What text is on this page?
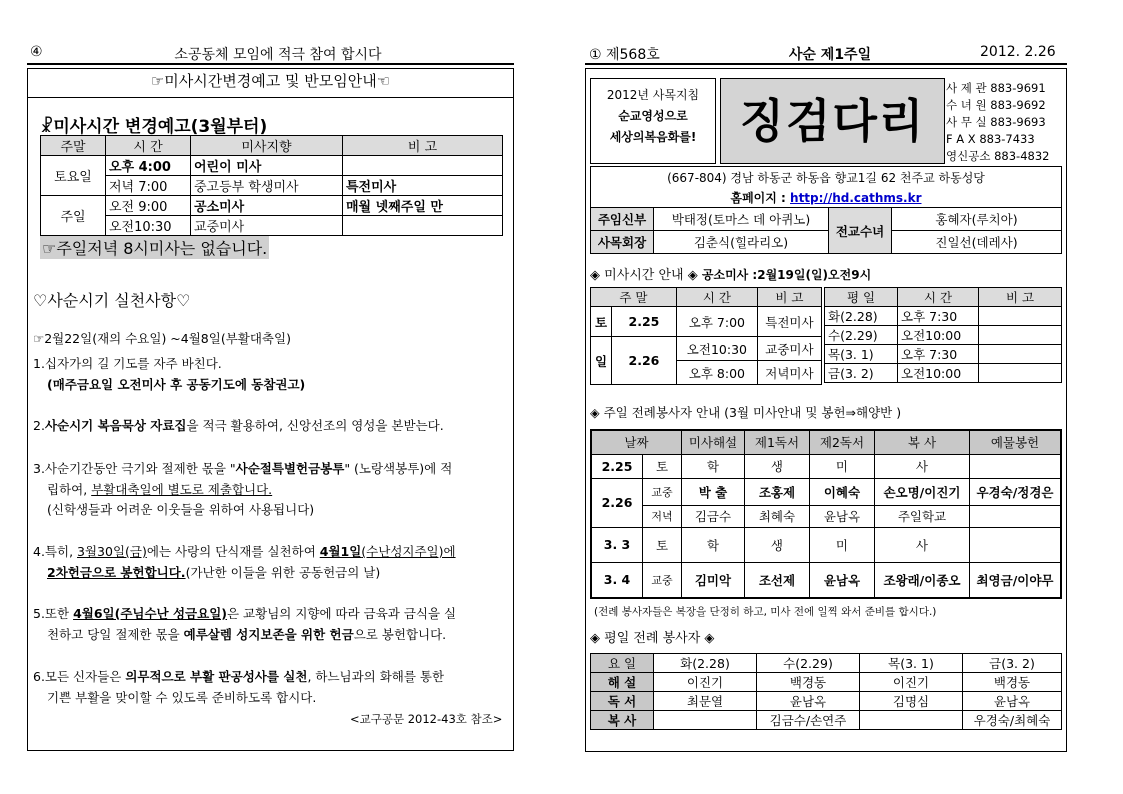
④	소공동체 모임에 적극 참여 합시다
☞미사시간변경예고 및 반모임안내☜
☧미사시간 변경예고(3월부터)
주말	시 간	미사지향	비 고
토요일	오후 4:00	어린이 미사	
	저녁 7:00	중고등부 학생미사	특전미사
주일	오전 9:00	공소미사	매월 넷째주일 만
	오전10:30	교중미사	
☞주일저녁 8시미사는 없습니다.
♡사순시기 실천사항♡
☞2월22일(재의 수요일) ~4월8일(부활대축일)
1.십자가의 길 기도를 자주 바친다.
(매주금요일 오전미사 후 공동기도에 동참권고)
2.사순시기 복음묵상 자료집을 적극 활용하여, 신앙선조의 영성을 본받는다.
3.사순기간동안 극기와 절제한 몫을 "사순절특별헌금봉투" (노랑색봉투)에 적
립하여, 부활대축일에 별도로 제출합니다.
(신학생들과 어려운 이웃들을 위하여 사용됩니다)
4.특히, 3월30일(금)에는 사랑의 단식재를 실천하여 4월1일(수난성지주일)에
2차헌금으로 봉헌합니다.(가난한 이들을 위한 공동헌금의 날)
5.또한 4월6일(주님수난 성금요일)은 교황님의 지향에 따라 금육과 금식을 실
천하고 당일 절제한 몫을 예루살렘 성지보존을 위한 헌금으로 봉헌합니다.
6.모든 신자들은 의무적으로 부활 판공성사를 실천, 하느님과의 화해를 통한
기쁜 부활을 맞이할 수 있도록 준비하도록 합시다.
<교구공문 2012-43호 참조>
① 제568호	사순 제1주일	2012. 2.26
2012년 사목지침
순교영성으로
세상의복음화를! 징검다리
사 제 관 883-9691
수 녀 원 883-9692
사 무 실 883-9693
F A X 883-7433
영신공소 883-4832
(667-804) 경남 하동군 하동읍 향교1길 62 천주교 하동성당
홈페이지 : http://hd.cathms.kr
주임신부	박태정(토마스 데 아퀴노)	전교수녀	홍혜자(루치아)
사목회장	김춘식(힐라리오)		진일선(데레사)
◈ 미사시간 안내 ◈ 공소미사 :2월19일(일)오전9시
주 말		시 간	비 고
토	2.25	오후 7:00	특전미사
일	2.26	오전10:30	교중미사
		오후 8:00	저녁미사
평 일	시 간	비 고
화(2.28)	오후 7:30	
수(2.29)	오전10:00	
목(3. 1)	오후 7:30	
금(3. 2)	오전10:00	
◈ 주일 전례봉사자 안내 (3월 미사안내 및 봉헌⇒해양반 )
날짜		미사해설	제1독서	제2독서	복 사	예물봉헌
2.25	토	학	생	미	사	
2.26	교중	박 출	조홍제	이혜숙	손오명/이진기	우경숙/정경은
	저녁	김금수	최혜숙	윤남옥	주일학교	
3. 3	토	학	생	미	사	
3. 4	교중	김미악	조선제	윤남옥	조왕래/이종오	최영금/이야무
(전례 봉사자들은 복장을 단정히 하고, 미사 전에 일찍 와서 준비를 합시다.)
◈ 평일 전례 봉사자 ◈
요 일	화(2.28)	수(2.29)	목(3. 1)	금(3. 2)
해 설	이진기	백경동	이진기	백경동
독 서	최문열	윤남옥	김명심	윤남옥
복 사		김금수/손연주		우경숙/최혜숙
